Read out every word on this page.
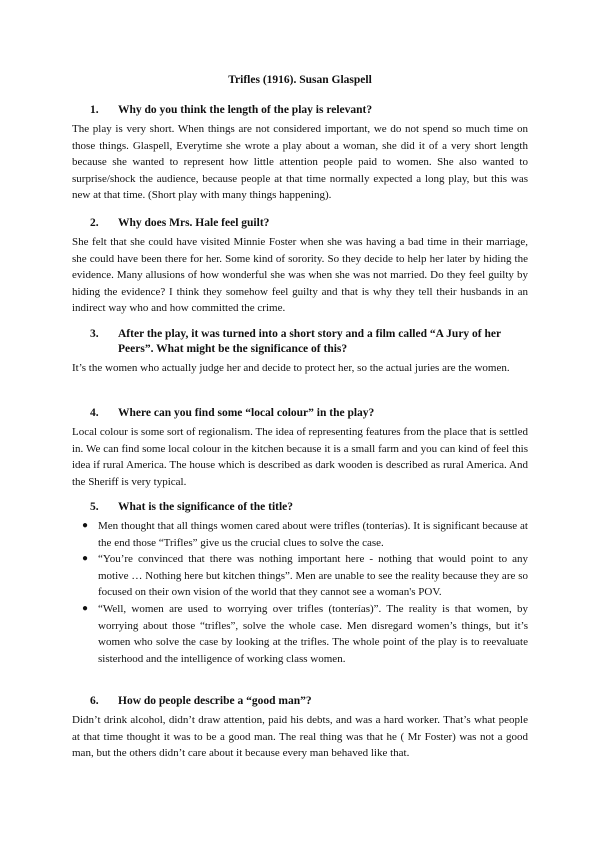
Trifles (1916). Susan Glaspell
1. Why do you think the length of the play is relevant?

The play is very short. When things are not considered important, we do not spend so much time on those things. Glaspell, Everytime she wrote a play about a woman, she did it of a very short length because she wanted to represent how little attention people paid to women. She also wanted to surprise/shock the audience, because people at that time normally expected a long play, but this was new at that time. (Short play with many things happening).

2. Why does Mrs. Hale feel guilt?

She felt that she could have visited Minnie Foster when she was having a bad time in their marriage, she could have been there for her. Some kind of sorority. So they decide to help her later by hiding the evidence. Many allusions of how wonderful she was when she was not married. Do they feel guilty by hiding the evidence? I think they somehow feel guilty and that is why they tell their husbands in an indirect way who and how committed the crime.

3. After the play, it was turned into a short story and a film called “A Jury of her Peers”. What might be the significance of this?

It’s the women who actually judge her and decide to protect her, so the actual juries are the women.

4. Where can you find some “local colour” in the play?

Local colour is some sort of regionalism. The idea of representing features from the place that is settled in. We can find some local colour in the kitchen because it is a small farm and you can kind of feel this idea if rural America. The house which is described as dark wooden is described as rural America. And the Sheriff is very typical.

5. What is the significance of the title?
● Men thought that all things women cared about were trifles (tonterías). It is significant because at the end those “Trifles” give us the crucial clues to solve the case.
● “You’re convinced that there was nothing important here - nothing that would point to any motive … Nothing here but kitchen things”. Men are unable to see the reality because they are so focused on their own vision of the world that they cannot see a woman's POV.
● “Well, women are used to worrying over trifles (tonterías)”. The reality is that women, by worrying about those “trifles”, solve the whole case. Men disregard women’s things, but it’s women who solve the case by looking at the trifles. The whole point of the play is to reevaluate sisterhood and the intelligence of working class women.
6. How do people describe a “good man”?

Didn’t drink alcohol, didn’t draw attention, paid his debts, and was a hard worker. That’s what people at that time thought it was to be a good man. The real thing was that he ( Mr Foster) was not a good man, but the others didn’t care about it because every man behaved like that.
